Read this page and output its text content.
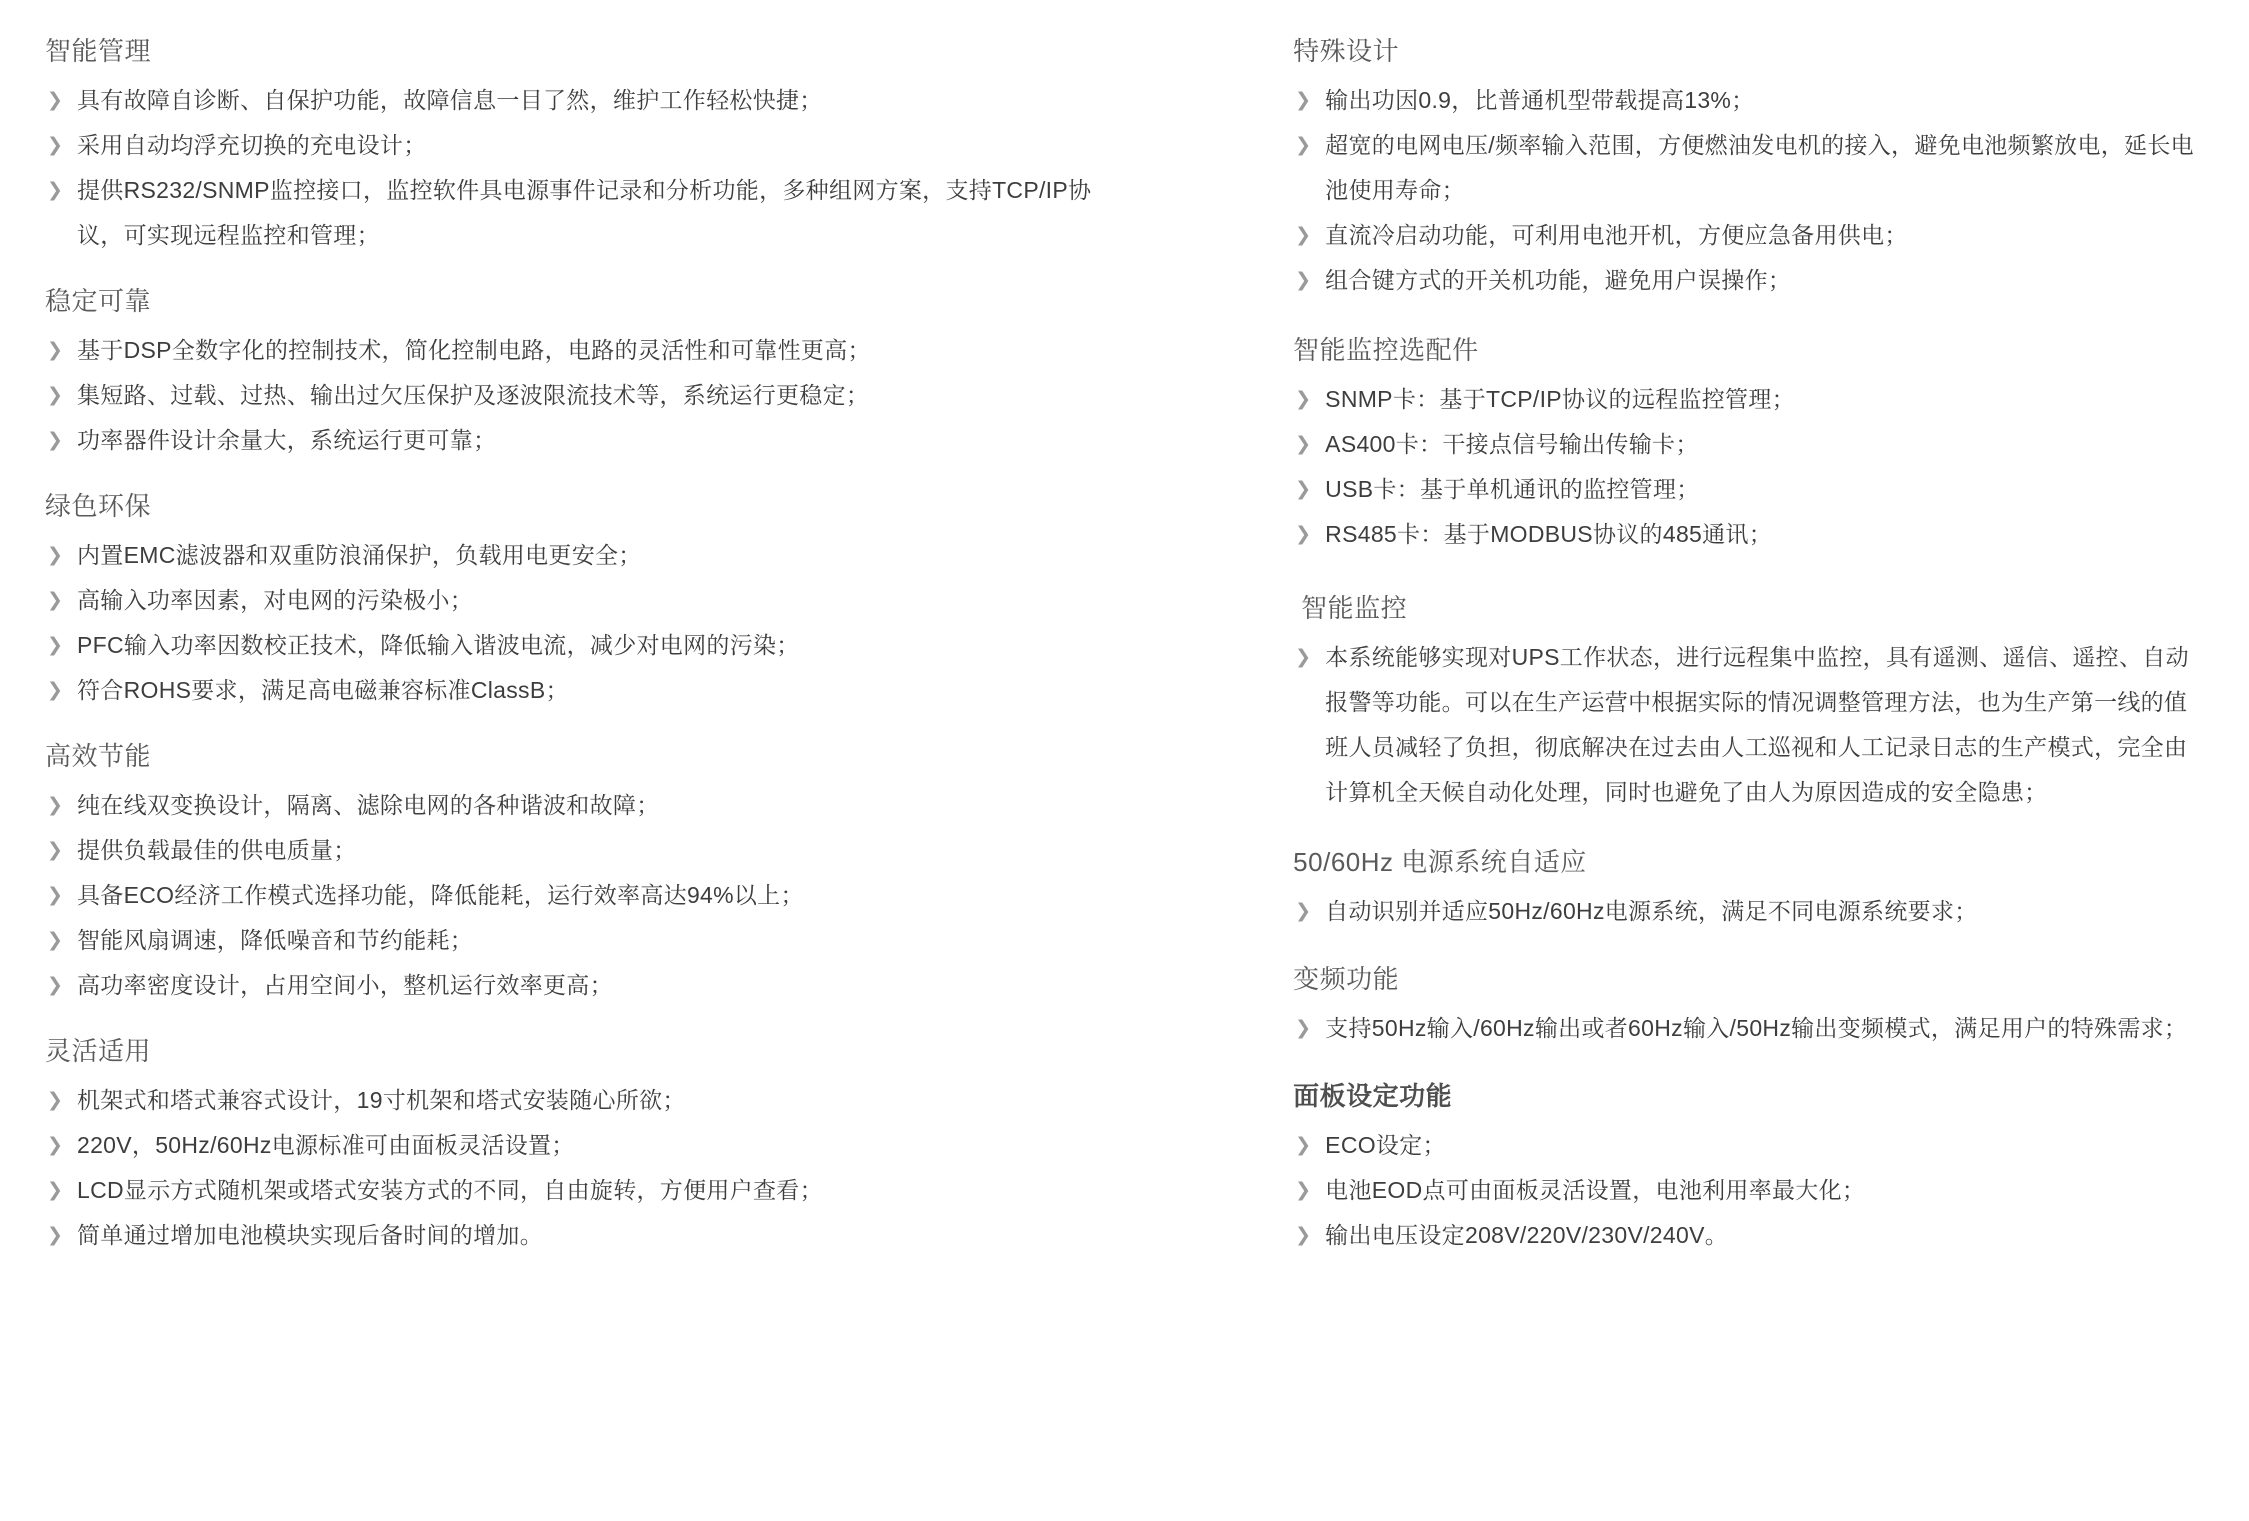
智能管理
❯ 具有故障自诊断、自保护功能，故障信息一目了然，维护工作轻松快捷；
❯ 采用自动均浮充切换的充电设计；
❯ 提供RS232/SNMP监控接口，监控软件具电源事件记录和分析功能，多种组网方案，支持TCP/IP协议，可实现远程监控和管理；
稳定可靠
❯ 基于DSP全数字化的控制技术，简化控制电路，电路的灵活性和可靠性更高；
❯ 集短路、过载、过热、输出过欠压保护及逐波限流技术等，系统运行更稳定；
❯ 功率器件设计余量大，系统运行更可靠；
绿色环保
❯ 内置EMC滤波器和双重防浪涌保护，负载用电更安全；
❯ 高输入功率因素，对电网的污染极小；
❯ PFC输入功率因数校正技术，降低输入谐波电流，减少对电网的污染；
❯ 符合ROHS要求，满足高电磁兼容标准ClassB；
高效节能
❯ 纯在线双变换设计，隔离、滤除电网的各种谐波和故障；
❯ 提供负载最佳的供电质量；
❯ 具备ECO经济工作模式选择功能，降低能耗，运行效率高达94%以上；
❯ 智能风扇调速，降低噪音和节约能耗；
❯ 高功率密度设计，占用空间小，整机运行效率更高；
灵活适用
❯ 机架式和塔式兼容式设计，19寸机架和塔式安装随心所欲；
❯ 220V，50Hz/60Hz电源标准可由面板灵活设置；
❯ LCD显示方式随机架或塔式安装方式的不同，自由旋转，方便用户查看；
❯ 简单通过增加电池模块实现后备时间的增加。
特殊设计
❯ 输出功因0.9，比普通机型带载提高13%；
❯ 超宽的电网电压/频率输入范围，方便燃油发电机的接入，避免电池频繁放电，延长电池使用寿命；
❯ 直流冷启动功能，可利用电池开机，方便应急备用供电；
❯ 组合键方式的开关机功能，避免用户误操作；
智能监控选配件
❯ SNMP卡：基于TCP/IP协议的远程监控管理；
❯ AS400卡：干接点信号输出传输卡；
❯ USB卡：基于单机通讯的监控管理；
❯ RS485卡：基于MODBUS协议的485通讯；
智能监控
❯ 本系统能够实现对UPS工作状态，进行远程集中监控，具有遥测、遥信、遥控、自动报警等功能。可以在生产运营中根据实际的情况调整管理方法，也为生产第一线的值班人员减轻了负担，彻底解决在过去由人工巡视和人工记录日志的生产模式，完全由计算机全天候自动化处理，同时也避免了由人为原因造成的安全隐患；
50/60Hz 电源系统自适应
❯ 自动识别并适应50Hz/60Hz电源系统，满足不同电源系统要求；
变频功能
❯ 支持50Hz输入/60Hz输出或者60Hz输入/50Hz输出变频模式，满足用户的特殊需求；
面板设定功能
❯ ECO设定；
❯ 电池EOD点可由面板灵活设置，电池利用率最大化；
❯ 输出电压设定208V/220V/230V/240V。
